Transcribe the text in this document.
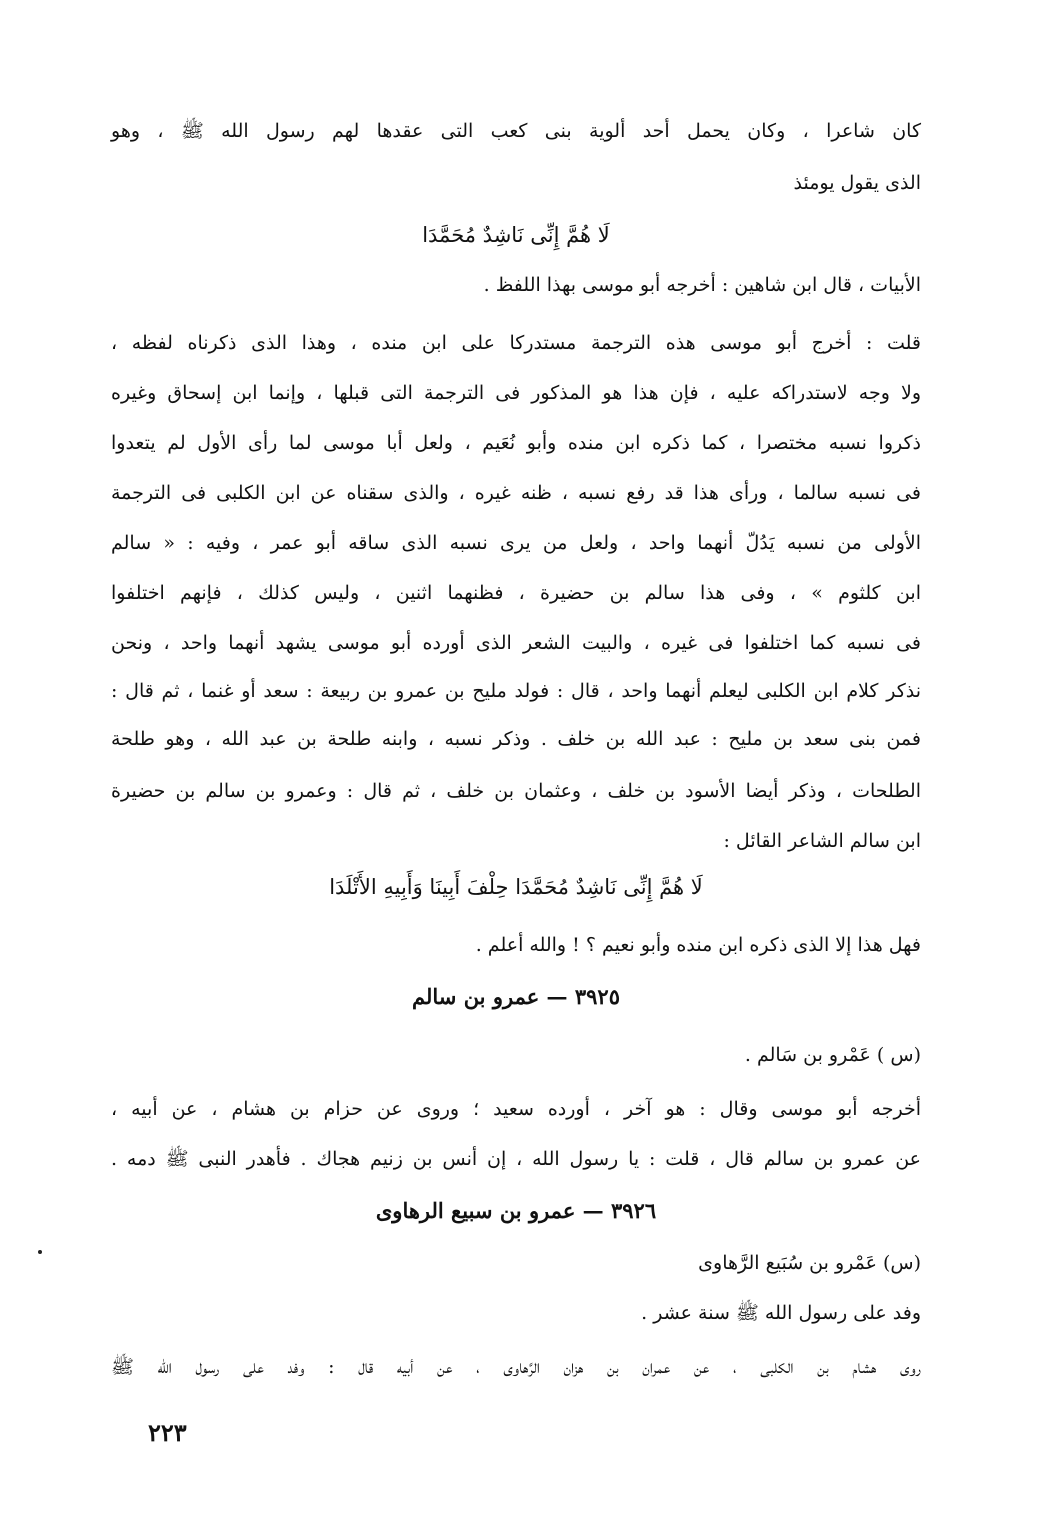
كان شاعرا ، وكان يحمل أحد ألوية بنى كعب التى عقدها لهم رسول الله ﷺ ، وهو
الذى يقول يومئذ
لَا هُمَّ إِنِّى نَاشِدٌ مُحَمَّدَا
الأبيات ، قال ابن شاهين : أخرجه أبو موسى بهذا اللفظ .
قلت : أخرج أبو موسى هذه الترجمة مستدركا على ابن منده ، وهذا الذى ذكرناه لفظه ،
ولا وجه لاستدراكه عليه ، فإن هذا هو المذكور فى الترجمة التى قبلها ، وإنما ابن إسحاق وغيره
ذكروا نسبه مختصرا ، كما ذكره ابن منده وأبو نُعَيم ، ولعل أبا موسى لما رأى الأول لم يتعدوا
فى نسبه سالما ، ورأى هذا قد رفع نسبه ، ظنه غيره ، والذى سقناه عن ابن الكلبى فى الترجمة
الأولى من نسبه يَدُلّ أنهما واحد ، ولعل من يرى نسبه الذى ساقه أبو عمر ، وفيه : « سالم
ابن كلثوم » ، وفى هذا سالم بن حضيرة ، فظنهما اثنين ، وليس كذلك ، فإنهم اختلفوا
فى نسبه كما اختلفوا فى غيره ، والبيت الشعر الذى أورده أبو موسى يشهد أنهما واحد ، ونحن
نذكر كلام ابن الكلبى ليعلم أنهما واحد ، قال : فولد مليح بن عمرو بن ربيعة : سعد أو غنما ، ثم قال :
فمن بنى سعد بن مليح : عبد الله بن خلف . وذكر نسبه ، وابنه طلحة بن عبد الله ، وهو طلحة
الطلحات ، وذكر أيضا الأسود بن خلف ، وعثمان بن خلف ، ثم قال : وعمرو بن سالم بن حضيرة
ابن سالم الشاعر القائل :
لَا هُمَّ إِنِّى نَاشِدٌ مُحَمَّدَا حِلْفَ أَبِينَا وَأَبِيهِ الأَتْلَدَا
فهل هذا إلا الذى ذكره ابن منده وأبو نعيم ؟ ! والله أعلم .
٣٩٢٥ — عمرو بن سالم
(س ) عَمْرو بن سَالم .
أخرجه أبو موسى وقال : هو آخر ، أورده سعيد ؛ وروى عن حزام بن هشام ، عن أبيه ،
عن عمرو بن سالم قال ، قلت : يا رسول الله ، إن أنس بن زنيم هجاك . فأهدر النبى ﷺ دمه .
٣٩٢٦ — عمرو بن سبيع الرهاوى
(س) عَمْرو بن سُبَيع الرَّهاوى
وفد على رسول الله ﷺ سنة عشر .
روى هشام بن الكلبى ، عن عمران بن هزان الرَّهاوى ، عن أبيه قال : وفد على رسول الله ﷺ
٢٢٣
